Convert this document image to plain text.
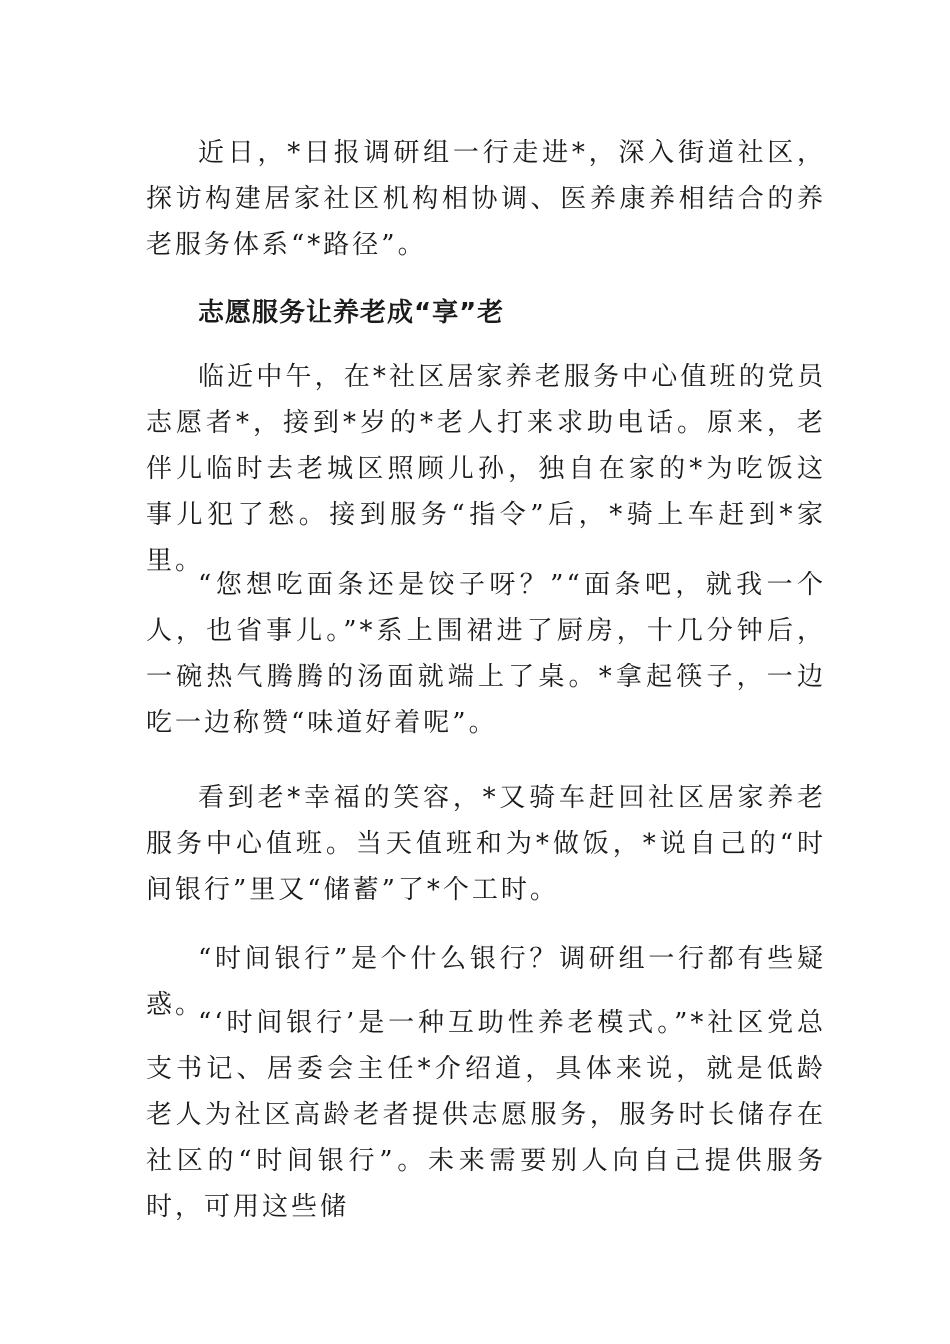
近日，*日报调研组一行走进*，深入街道社区，探访构建居家社区机构相协调、医养康养相结合的养老服务体系“*路径”。

志愿服务让养老成“享”老

临近中午，在*社区居家养老服务中心值班的党员志愿者*，接到*岁的*老人打来求助电话。原来，老伴儿临时去老城区照顾儿孙，独自在家的*为吃饭这事儿犯了愁。接到服务“指令”后，*骑上车赶到*家里。

“您想吃面条还是饺子呀？”“面条吧，就我一个人，也省事儿。”*系上围裙进了厨房，十几分钟后，一碗热气腾腾的汤面就端上了桌。*拿起筷子，一边吃一边称赞“味道好着呢”。

看到老*幸福的笑容，*又骑车赶回社区居家养老服务中心值班。当天值班和为*做饭，*说自己的“时间银行”里又“储蓄”了*个工时。

“时间银行”是个什么银行？调研组一行都有些疑惑。

“‘时间银行’是一种互助性养老模式。”*社区党总支书记、居委会主任*介绍道，具体来说，就是低龄老人为社区高龄老者提供志愿服务，服务时长储存在社区的“时间银行”。未来需要别人向自己提供服务时，可用这些储
